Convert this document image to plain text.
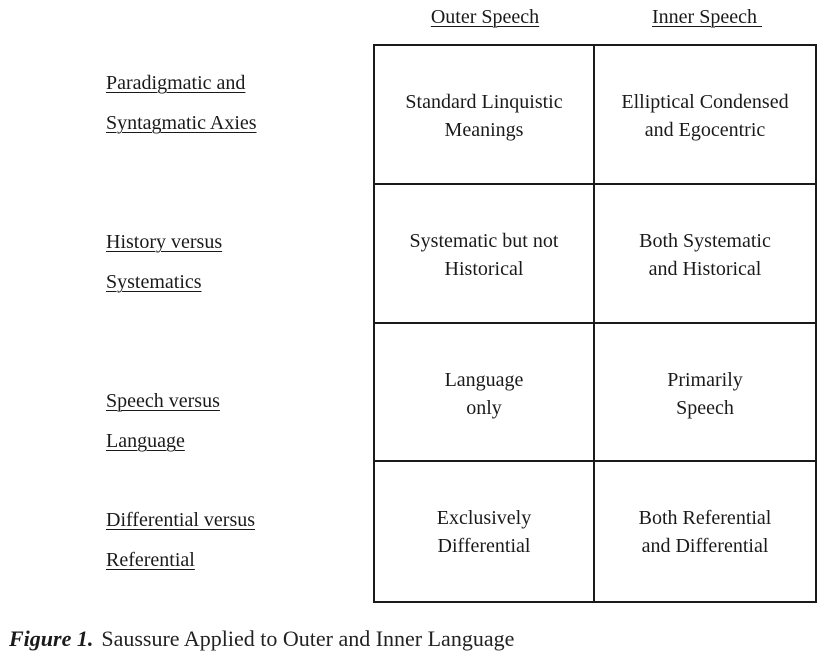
Outer Speech	Inner Speech
Paradigmatic and
Syntagmatic Axies
History versus
Systematics
Speech versus
Language
Differential versus
Referential
Standard Linquistic
Meanings
Elliptical Condensed
and Egocentric
Systematic but not
Historical
Both Systematic
and Historical
Language
only
Primarily
Speech
Exclusively
Differential
Both Referential
and Differential
Figure 1. Saussure Applied to Outer and Inner Language
